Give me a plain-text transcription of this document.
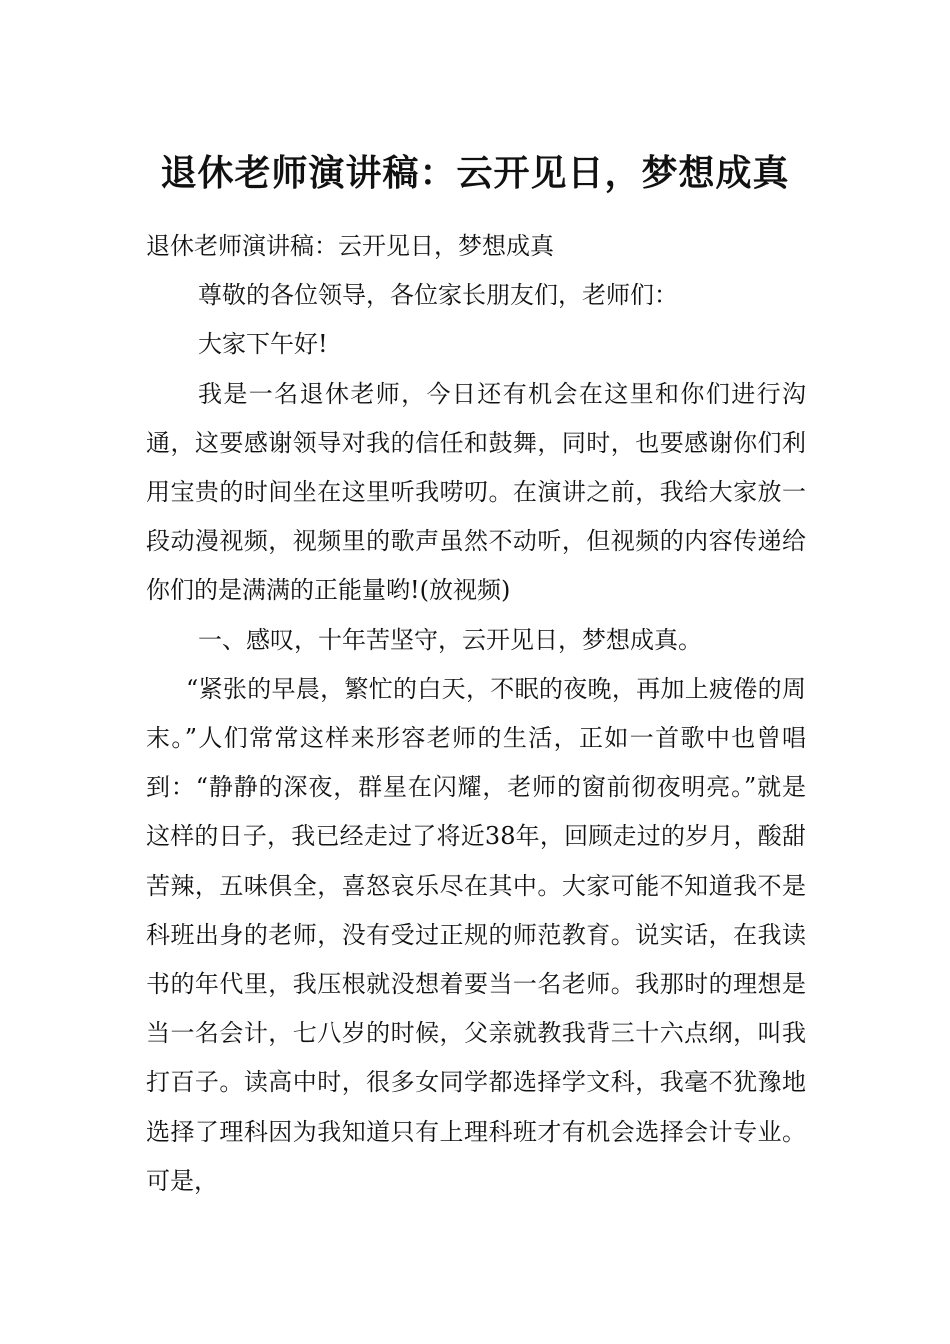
退休老师演讲稿：云开见日，梦想成真

退休老师演讲稿：云开见日，梦想成真

尊敬的各位领导，各位家长朋友们，老师们：

大家下午好!

我是一名退休老师，今日还有机会在这里和你们进行沟通，这要感谢领导对我的信任和鼓舞，同时，也要感谢你们利用宝贵的时间坐在这里听我唠叨。在演讲之前，我给大家放一段动漫视频，视频里的歌声虽然不动听，但视频的内容传递给你们的是满满的正能量哟!(放视频)

一、感叹，十年苦坚守，云开见日，梦想成真。

“紧张的早晨，繁忙的白天，不眠的夜晚，再加上疲倦的周末。”人们常常这样来形容老师的生活，正如一首歌中也曾唱到：“静静的深夜，群星在闪耀，老师的窗前彻夜明亮。”就是这样的日子，我已经走过了将近38年，回顾走过的岁月，酸甜苦辣，五味俱全，喜怒哀乐尽在其中。大家可能不知道我不是科班出身的老师，没有受过正规的师范教育。说实话，在我读书的年代里，我压根就没想着要当一名老师。我那时的理想是当一名会计，七八岁的时候，父亲就教我背三十六点纲，叫我打百子。读高中时，很多女同学都选择学文科，我毫不犹豫地选择了理科因为我知道只有上理科班才有机会选择会计专业。可是，
